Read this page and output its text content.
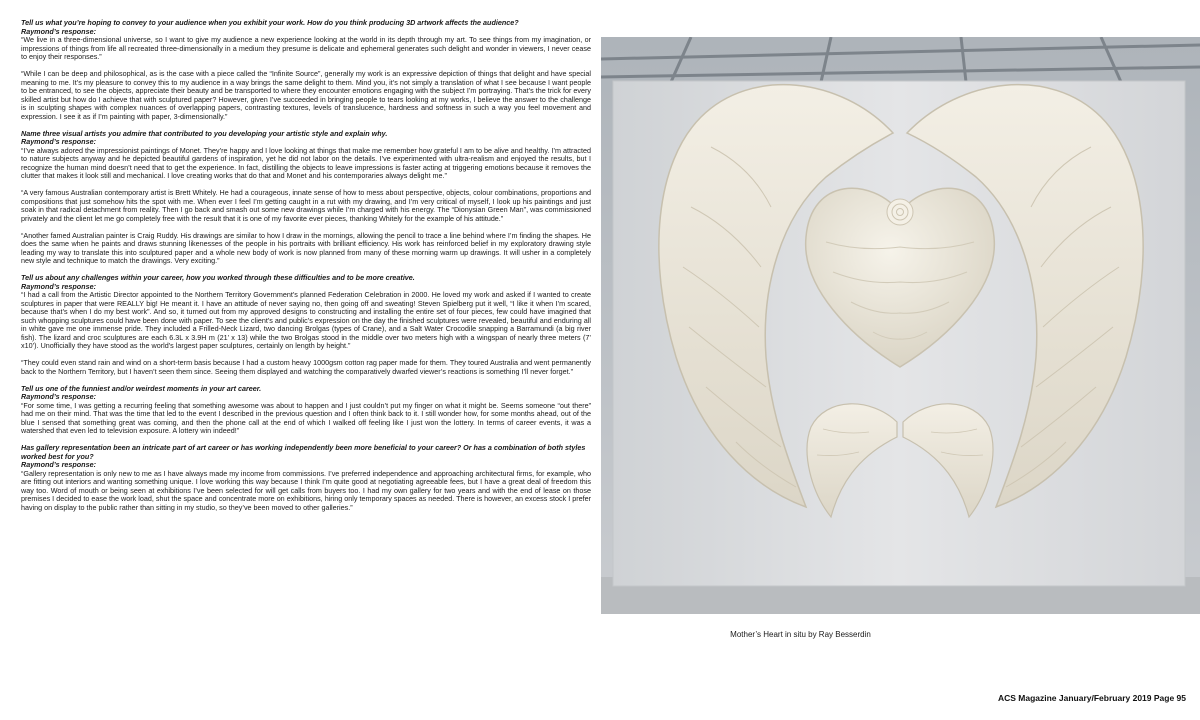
Tell us what you’re hoping to convey to your audience when you exhibit your work. How do you think producing 3D artwork affects the audience?
Raymond’s response:
“We live in a three-dimensional universe, so I want to give my audience a new experience looking at the world in its depth through my art. To see things from my imagination, or impressions of things from life all recreated three-dimensionally in a medium they presume is delicate and ephemeral generates such delight and wonder in viewers, I never cease to enjoy their responses.”
“While I can be deep and philosophical, as is the case with a piece called the “Infinite Source”, generally my work is an expressive depiction of things that delight and have special meaning to me. It’s my pleasure to convey this to my audience in a way brings the same delight to them. Mind you, it’s not simply a translation of what I see because I want people to be entranced, to see the objects, appreciate their beauty and be transported to where they encounter emotions engaging with the subject I’m portraying. That’s the trick for every skilled artist but how do I achieve that with sculptured paper? However, given I’ve succeeded in bringing people to tears looking at my works, I believe the answer to the challenge is in sculpting shapes with complex nuances of overlapping papers, contrasting textures, levels of translucence, hardness and softness in such a way you feel movement and expression. I see it as if I’m painting with paper, 3-dimensionally.”
Name three visual artists you admire that contributed to you developing your artistic style and explain why.
Raymond’s response:
“I’ve always adored the impressionist paintings of Monet. They’re happy and I love looking at things that make me remember how grateful I am to be alive and healthy. I’m attracted to nature subjects anyway and he depicted beautiful gardens of inspiration, yet he did not labor on the details. I’ve experimented with ultra-realism and enjoyed the results, but I recognize the human mind doesn’t need that to get the experience. In fact, distilling the objects to leave impressions is faster acting at triggering emotions because it removes the clutter that makes it look still and mechanical. I love creating works that do that and Monet and his contemporaries always delight me.”
“A very famous Australian contemporary artist is Brett Whitely. He had a courageous, innate sense of how to mess about perspective, objects, colour combinations, proportions and compositions that just somehow hits the spot with me. When ever I feel I’m getting caught in a rut with my drawing, and I’m very critical of myself, I look up his paintings and just soak in that radical detachment from reality. Then I go back and smash out some new drawings while I’m charged with his energy. The “Dionysian Green Man”, was commissioned privately and the client let me go completely free with the result that it is one of my favorite ever pieces, thanking Whitely for the example of his attitude.”
“Another famed Australian painter is Craig Ruddy. His drawings are similar to how I draw in the mornings, allowing the pencil to trace a line behind where I’m finding the shapes. He does the same when he paints and draws stunning likenesses of the people in his portraits with brilliant efficiency. His work has reinforced belief in my exploratory drawing style leading my way to translate this into sculptured paper and a whole new body of work is now planned from many of these morning warm up drawings. It will usher in a completely new style and technique to match the drawings. Very exciting.”
Tell us about any challenges within your career, how you worked through these difficulties and to be more creative.
Raymond’s response:
“I had a call from the Artistic Director appointed to the Northern Territory Government’s planned Federation Celebration in 2000. He loved my work and asked if I wanted to create sculptures in paper that were REALLY big! He meant it. I have an attitude of never saying no, then going off and sweating! Steven Spielberg put it well, “I like it when I’m scared, because that’s when I do my best work”. And so, it turned out from my approved designs to constructing and installing the entire set of four pieces, few could have imagined that such whopping sculptures could have been done with paper. To see the client’s and public’s expression on the day the finished sculptures were revealed, beautiful and enduring all in white gave me one immense pride. They included a Frilled-Neck Lizard, two dancing Brolgas (types of Crane), and a Salt Water Crocodile snapping a Barramundi (a big river fish). The lizard and croc sculptures are each 6.3L x 3.9H m (21’ x 13) while the two Brolgas stood in the middle over two meters high with a wingspan of nearly three meters (7’ x10’). Unofficially they have stood as the world’s largest paper sculptures, certainly on length by height.”
“They could even stand rain and wind on a short-term basis because I had a custom heavy 1000gsm cotton rag paper made for them. They toured Australia and went permanently back to the Northern Territory, but I haven’t seen them since. Seeing them displayed and watching the comparatively dwarfed viewer’s reactions is something I’ll never forget.”
Tell us one of the funniest and/or weirdest moments in your art career.
Raymond’s response:
“For some time, I was getting a recurring feeling that something awesome was about to happen and I just couldn’t put my finger on what it might be. Seems someone “out there” had me on their mind. That was the time that led to the event I described in the previous question and I often think back to it. I still wonder how, for some months ahead, out of the blue I sensed that something great was coming, and then the phone call at the end of which I walked off feeling like I just won the lottery. In terms of career events, it was a watershed that even led to television exposure. A lottery win indeed!”
Has gallery representation been an intricate part of art career or has working independently been more beneficial to your career? Or has a combination of both styles worked best for you?
Raymond’s response:
“Gallery representation is only new to me as I have always made my income from commissions. I’ve preferred independence and approaching architectural firms, for example, who are fitting out interiors and wanting something unique. I love working this way because I think I’m quite good at negotiating agreeable fees, but I have a great deal of freedom this way too. Word of mouth or being seen at exhibitions I’ve been selected for will get calls from buyers too. I had my own gallery for two years and with the end of lease on those premises I decided to ease the work load, shut the space and concentrate more on exhibitions, hiring only temporary spaces as needed. There is however, an excess stock I prefer having on display to the public rather than sitting in my studio, so they’ve been moved to other galleries.”
Mother’s Heart in situ by Ray Besserdin
ACS Magazine January/February 2019 Page 95
